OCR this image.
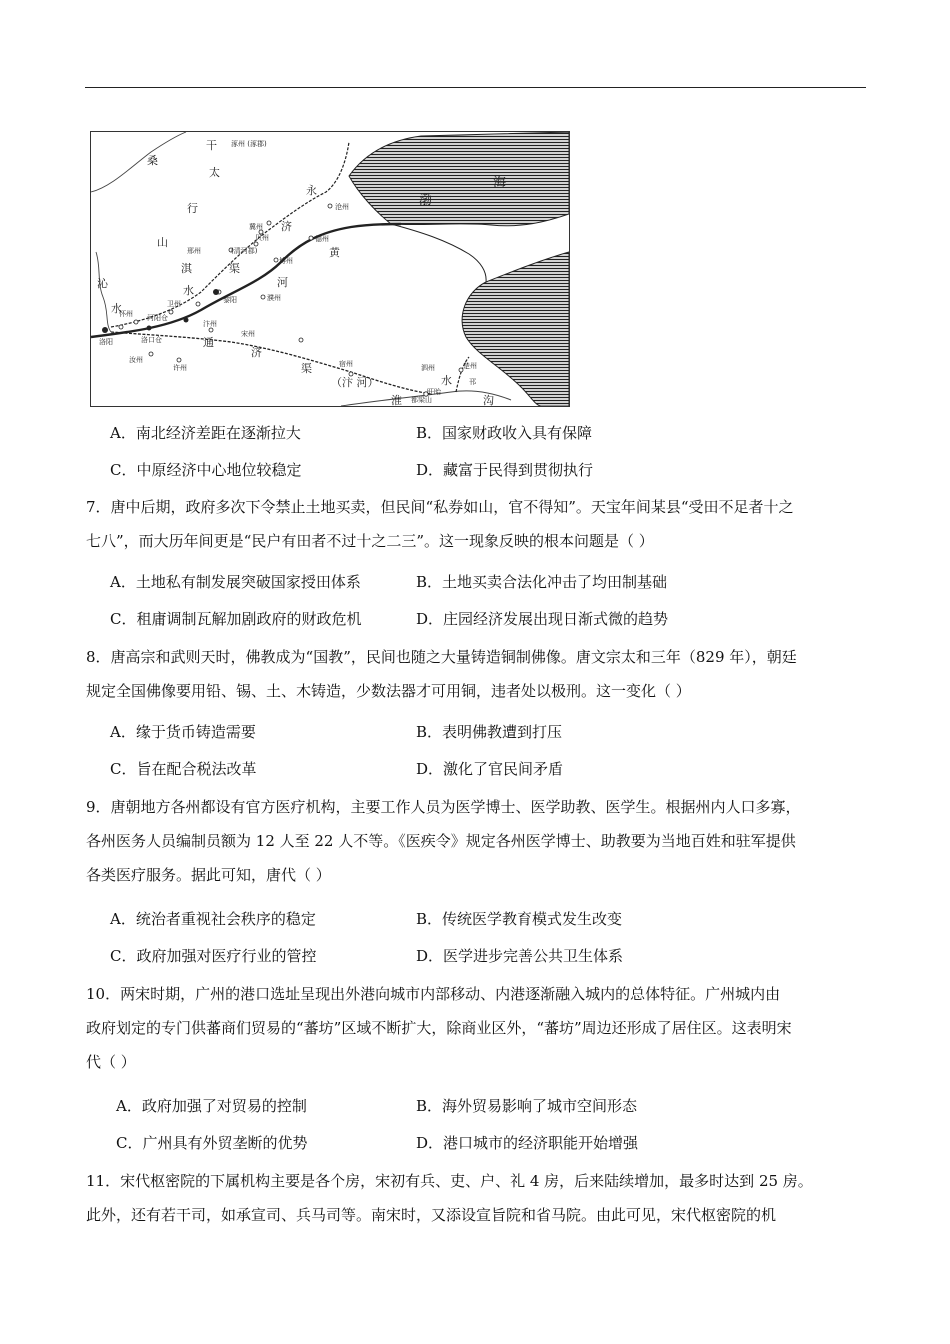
渤
海
桑
干
太
行
山
沁
水
淇
水
永
济
渠
黄
河
通
济
渠
（汴 河）
淮
水
沟
涿州 (涿郡)
沧州
冀州
德州
贝州
邢州	(清河郡)
博州
黎阳	濮州
卫州
怀州 河阳仓
洛口仓
洛阳
汴州
宋州
宿州	泗州	楚州
盱眙
都梁山
许州
汝州
邗
A．南北经济差距在逐渐拉大	B．国家财政收入具有保障
C．中原经济中心地位较稳定	D．藏富于民得到贯彻执行
7．唐中后期，政府多次下令禁止土地买卖，但民间“私券如山，官不得知”。天宝年间某县“受田不足者十之
七八”，而大历年间更是“民户有田者不过十之二三”。这一现象反映的根本问题是（ ）
A．土地私有制发展突破国家授田体系	B．土地买卖合法化冲击了均田制基础
C．租庸调制瓦解加剧政府的财政危机	D．庄园经济发展出现日渐式微的趋势
8．唐高宗和武则天时，佛教成为“国教”，民间也随之大量铸造铜制佛像。唐文宗太和三年（829 年），朝廷
规定全国佛像要用铅、锡、土、木铸造，少数法器才可用铜，违者处以极刑。这一变化（ ）
A．缘于货币铸造需要	B．表明佛教遭到打压
C．旨在配合税法改革	D．激化了官民间矛盾
9．唐朝地方各州都设有官方医疗机构，主要工作人员为医学博士、医学助教、医学生。根据州内人口多寡，
各州医务人员编制员额为 12 人至 22 人不等。《医疾令》规定各州医学博士、助教要为当地百姓和驻军提供
各类医疗服务。据此可知，唐代（ ）
A．统治者重视社会秩序的稳定	B．传统医学教育模式发生改变
C．政府加强对医疗行业的管控	D．医学进步完善公共卫生体系
10．两宋时期，广州的港口选址呈现出外港向城市内部移动、内港逐渐融入城内的总体特征。广州城内由
政府划定的专门供蕃商们贸易的“蕃坊”区域不断扩大，除商业区外，“蕃坊”周边还形成了居住区。这表明宋
代（ ）
A．政府加强了对贸易的控制	B．海外贸易影响了城市空间形态
C．广州具有外贸垄断的优势	D．港口城市的经济职能开始增强
11．宋代枢密院的下属机构主要是各个房，宋初有兵、吏、户、礼 4 房，后来陆续增加，最多时达到 25 房。
此外，还有若干司，如承宣司、兵马司等。南宋时，又添设宣旨院和省马院。由此可见，宋代枢密院的机
